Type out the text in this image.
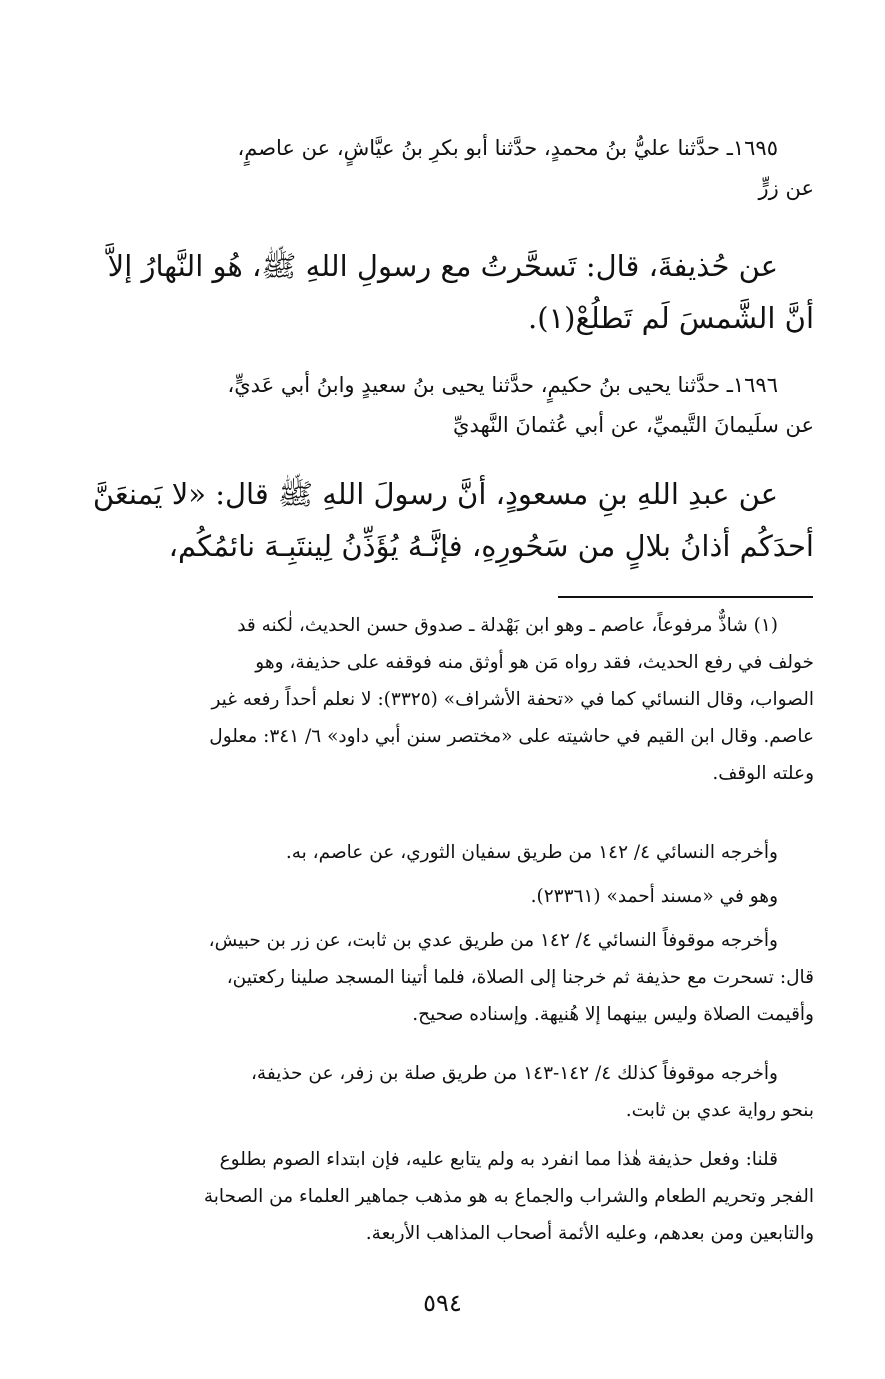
١٦٩٥ـ حدَّثنا عليُّ بنُ محمدٍ، حدَّثنا أبو بكرِ بنُ عيَّاشٍ، عن عاصمٍ،
عن زرٍّ
عن حُذيفةَ، قال: تَسحَّرتُ مع رسولِ اللهِ ﷺ، هُو النَّهارُ إلاَّ
أنَّ الشَّمسَ لَم تَطلُعْ(١).
١٦٩٦ـ حدَّثنا يحيى بنُ حكيمٍ، حدَّثنا يحيى بنُ سعيدٍ وابنُ أبي عَديٍّ،
عن سلَيمانَ التَّيميِّ، عن أبي عُثمانَ النَّهديِّ
عن عبدِ اللهِ بنِ مسعودٍ، أنَّ رسولَ اللهِ ﷺ قال: «لا يَمنعَنَّ
أحدَكُم أذانُ بلالٍ من سَحُورِهِ، فإنَّـهُ يُؤَذِّنُ لِينتَبِـهَ نائمُكُم،
(١) شاذٌّ مرفوعاً، عاصم ـ وهو ابن بَهْدلة ـ صدوق حسن الحديث، لٰكنه قد
خولف في رفع الحديث، فقد رواه مَن هو أوثق منه فوقفه على حذيفة، وهو
الصواب، وقال النسائي كما في «تحفة الأشراف» (٣٣٢٥): لا نعلم أحداً رفعه غير
عاصم. وقال ابن القيم في حاشيته على «مختصر سنن أبي داود» ٦/ ٣٤١: معلول
وعلته الوقف.
وأخرجه النسائي ٤/ ١٤٢ من طريق سفيان الثوري، عن عاصم، به.
وهو في «مسند أحمد» (٢٣٣٦١).
وأخرجه موقوفاً النسائي ٤/ ١٤٢ من طريق عدي بن ثابت، عن زر بن حبيش،
قال: تسحرت مع حذيفة ثم خرجنا إلى الصلاة، فلما أتينا المسجد صلينا ركعتين،
وأقيمت الصلاة وليس بينهما إلا هُنيهة. وإسناده صحيح.
وأخرجه موقوفاً كذلك ٤/ ١٤٢-١٤٣ من طريق صلة بن زفر، عن حذيفة،
بنحو رواية عدي بن ثابت.
قلنا: وفعل حذيفة هٰذا مما انفرد به ولم يتابع عليه، فإن ابتداء الصوم بطلوع
الفجر وتحريم الطعام والشراب والجماع به هو مذهب جماهير العلماء من الصحابة
والتابعين ومن بعدهم، وعليه الأئمة أصحاب المذاهب الأربعة.
٥٩٤
